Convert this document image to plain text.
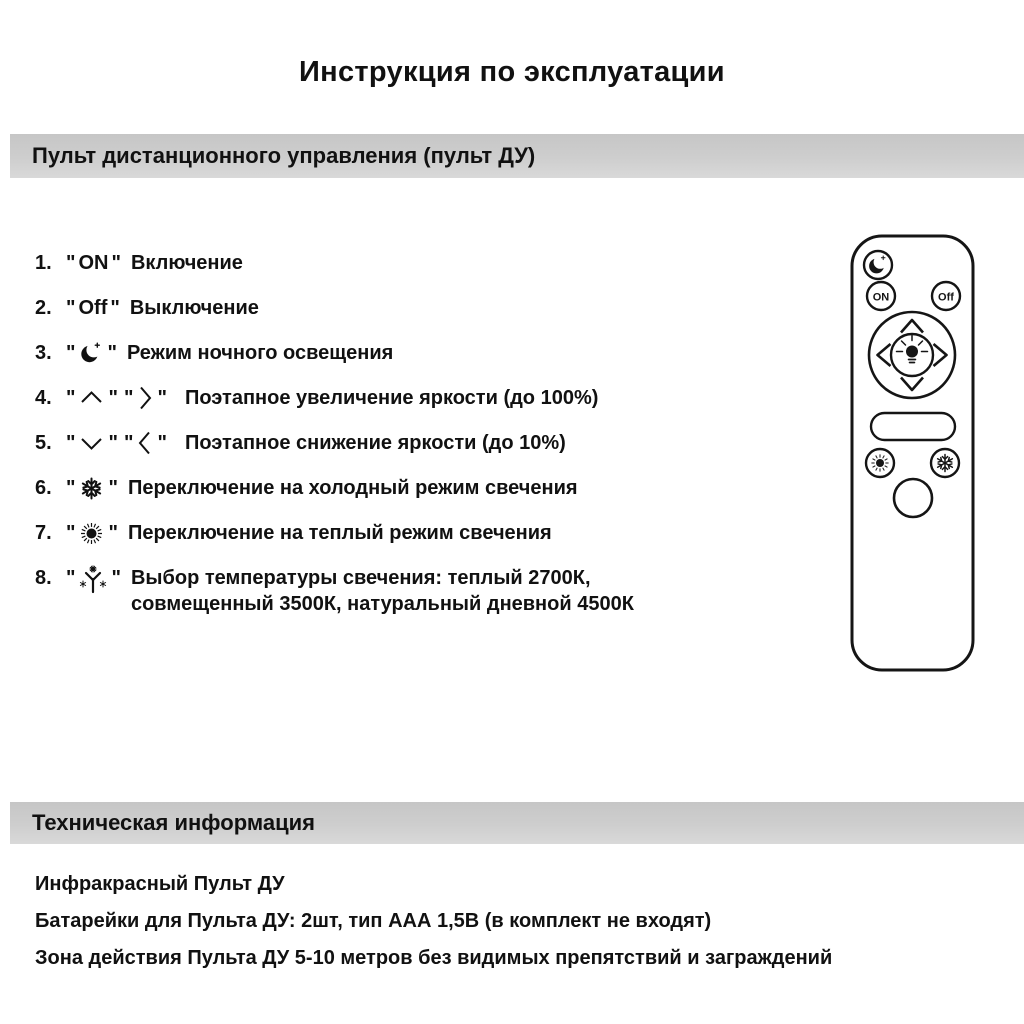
Инструкция по эксплуатации
Пульт дистанционного управления (пульт ДУ)
1. " ON " Включение
2. " Off " Выключение
3. " " Режим ночного освещения
4. " " " " Поэтапное увеличение яркости (до 100%)
5. " " " " Поэтапное снижение яркости (до 10%)
6. " " Переключение на холодный режим свечения
7. " " Переключение на теплый режим свечения
8. " " Выбор температуры свечения: теплый 2700К,
совмещенный 3500К, натуральный дневной 4500К
ON	Off
Техническая информация
Инфракрасный Пульт ДУ
Батарейки для Пульта ДУ: 2шт, тип ААА 1,5В (в комплект не входят)
Зона действия Пульта ДУ 5-10 метров без видимых препятствий и заграждений
